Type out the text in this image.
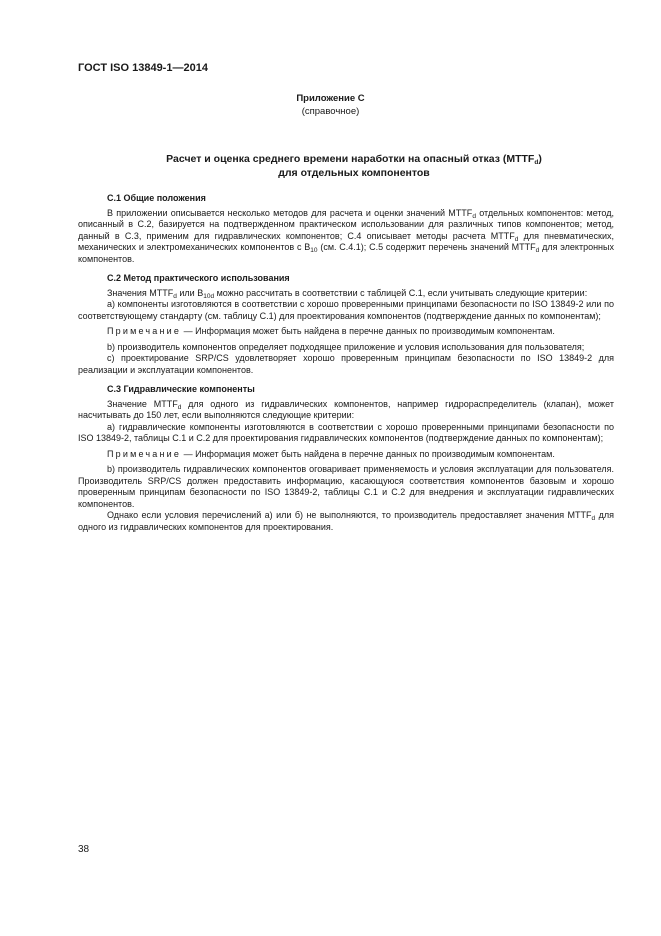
ГОСТ ISO 13849-1—2014
Приложение С
(справочное)
Расчет и оценка среднего времени наработки на опасный отказ $(MTTF_d)$
для отдельных компонентов
С.1 Общие положения

В приложении описывается несколько методов для расчета и оценки значений $MTTF_d$ отдельных компонентов: метод, описанный в С.2, базируется на подтвержденном практическом использовании для различных типов компонентов; метод, данный в С.3, применим для гидравлических компонентов; С.4 описывает методы расчета $MTTF_d$ для пневматических, механических и электромеханических компонентов с $B_{10}$ (см. С.4.1); С.5 содержит перечень значений $MTTF_d$ для электронных компонентов.

С.2 Метод практического использования

Значения $MTTF_d$ или $B_{10d}$ можно рассчитать в соответствии с таблицей С.1, если учитывать следующие критерии:

а) компоненты изготовляются в соответствии с хорошо проверенными принципами безопасности по ISO 13849-2 или по соответствующему стандарту (см. таблицу С.1) для проектирования компонентов (подтверждение данных по компонентам);

Примечание — Информация может быть найдена в перечне данных по производимым компонентам.

b) производитель компонентов определяет подходящее приложение и условия использования для пользователя;

c) проектирование SRP/CS удовлетворяет хорошо проверенным принципам безопасности по ISO 13849-2 для реализации и эксплуатации компонентов.

С.3 Гидравлические компоненты

Значение $MTTF_d$ для одного из гидравлических компонентов, например гидрораспределитель (клапан), может насчитывать до 150 лет, если выполняются следующие критерии:

а) гидравлические компоненты изготовляются в соответствии с хорошо проверенными принципами безопасности по ISO 13849-2, таблицы С.1 и С.2 для проектирования гидравлических компонентов (подтверждение данных по компонентам);

Примечание — Информация может быть найдена в перечне данных по производимым компонентам.

b) производитель гидравлических компонентов оговаривает применяемость и условия эксплуатации для пользователя. Производитель SRP/CS должен предоставить информацию, касающуюся соответствия компонентов базовым и хорошо проверенным принципам безопасности по ISO 13849-2, таблицы С.1 и С.2 для внедрения и эксплуатации гидравлических компонентов.

Однако если условия перечислений а) или б) не выполняются, то производитель предоставляет значения $MTTF_d$ для одного из гидравлических компонентов для проектирования.

38
